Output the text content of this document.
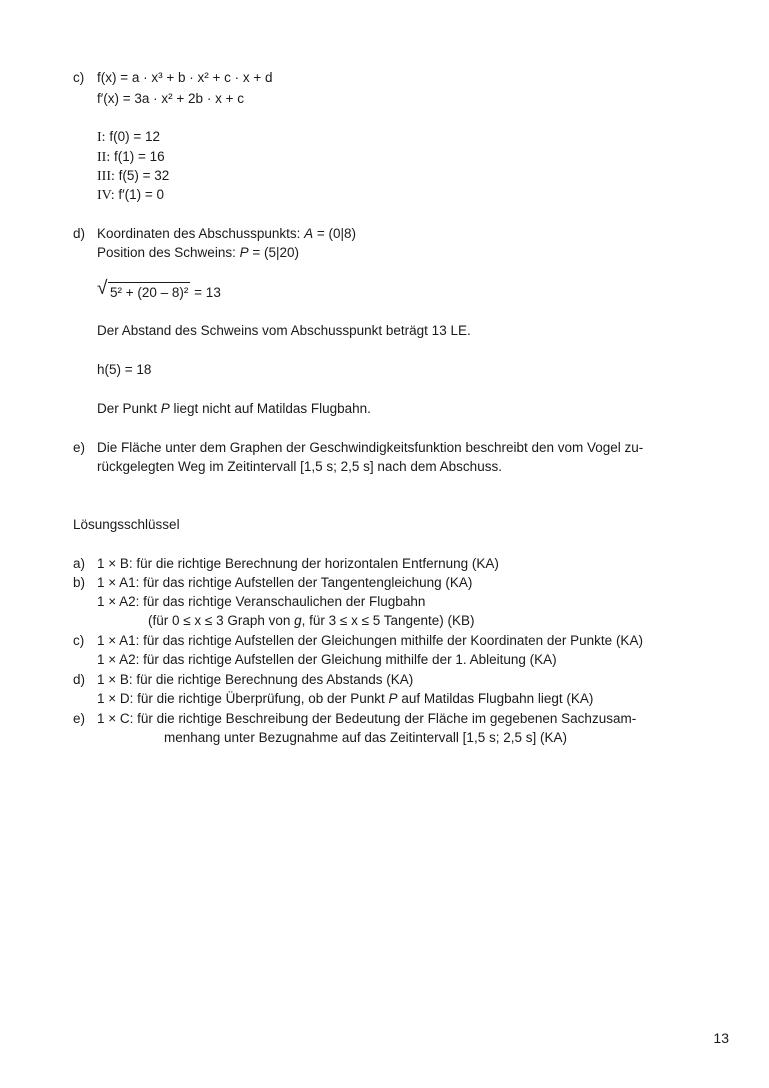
c) f(x) = a · x³ + b · x² + c · x + d
f′(x) = 3a · x² + 2b · x + c
I: f(0) = 12
II: f(1) = 16
III: f(5) = 32
IV: f′(1) = 0
d) Koordinaten des Abschusspunkts: A = (0|8)
Position des Schweins: P = (5|20)
√ 5² + (20 – 8)² = 13
Der Abstand des Schweins vom Abschusspunkt beträgt 13 LE.
h(5) = 18
Der Punkt P liegt nicht auf Matildas Flugbahn.
e) Die Fläche unter dem Graphen der Geschwindigkeitsfunktion beschreibt den vom Vogel zu-
rückgelegten Weg im Zeitintervall [1,5 s; 2,5 s] nach dem Abschuss.
Lösungsschlüssel
a) 1 × B: für die richtige Berechnung der horizontalen Entfernung (KA)
b) 1 × A1: für das richtige Aufstellen der Tangentengleichung (KA)
1 × A2: für das richtige Veranschaulichen der Flugbahn
(für 0 ≤ x ≤ 3 Graph von g, für 3 ≤ x ≤ 5 Tangente) (KB)
c) 1 × A1: für das richtige Aufstellen der Gleichungen mithilfe der Koordinaten der Punkte (KA)
1 × A2: für das richtige Aufstellen der Gleichung mithilfe der 1. Ableitung (KA)
d) 1 × B: für die richtige Berechnung des Abstands (KA)
1 × D: für die richtige Überprüfung, ob der Punkt P auf Matildas Flugbahn liegt (KA)
e) 1 × C: für die richtige Beschreibung der Bedeutung der Fläche im gegebenen Sachzusam-
menhang unter Bezugnahme auf das Zeitintervall [1,5 s; 2,5 s] (KA)
13
